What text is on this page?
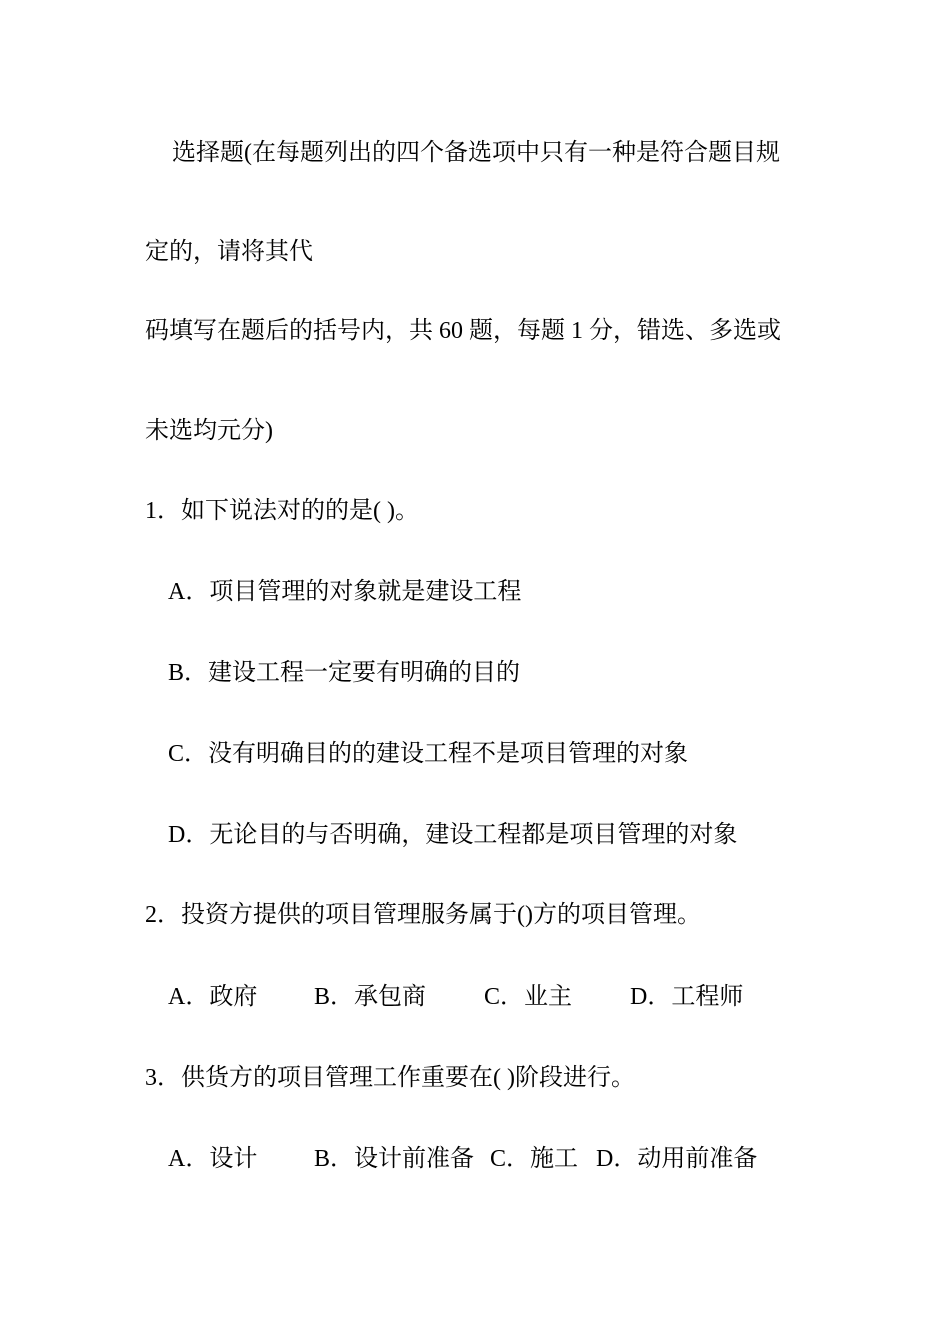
选择题(在每题列出的四个备选项中只有一种是符合题目规
定的，请将其代
码填写在题后的括号内，共 60 题，每题 1 分，错选、多选或
未选均元分)
1．如下说法对的的是( )。
A．项目管理的对象就是建设工程
B．建设工程一定要有明确的目的
C．没有明确目的的建设工程不是项目管理的对象
D．无论目的与否明确，建设工程都是项目管理的对象
2．投资方提供的项目管理服务属于()方的项目管理。
A．政府 B．承包商 C．业主 D．工程师
3．供货方的项目管理工作重要在( )阶段进行。
A．设计 B．设计前准备 C．施工 D．动用前准备
